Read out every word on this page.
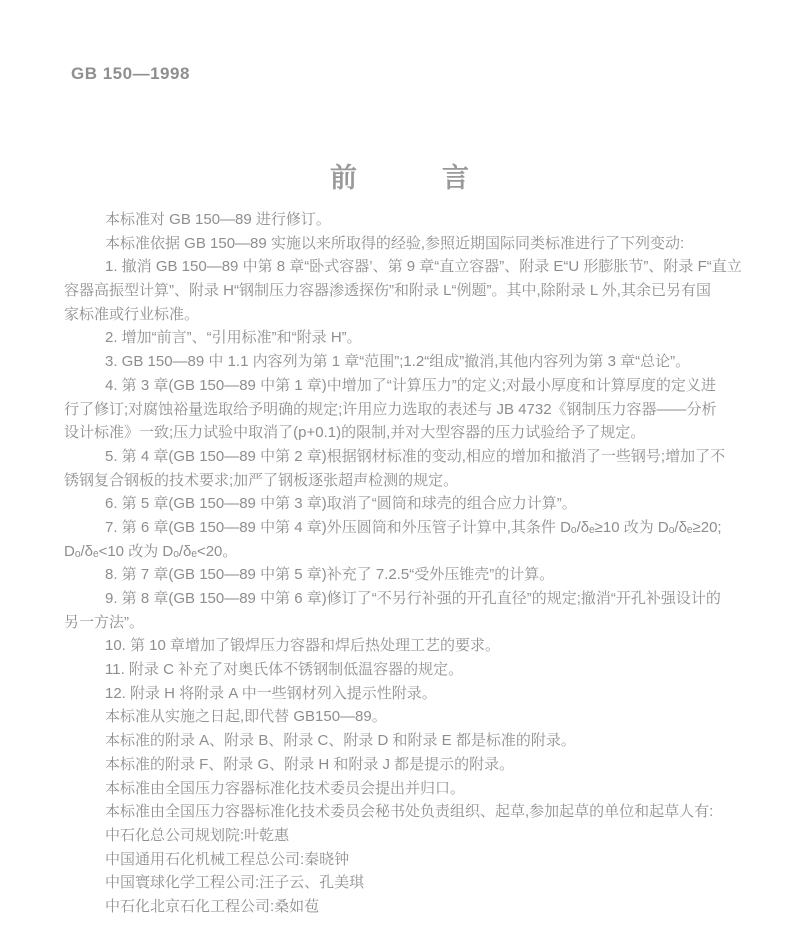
GB 150—1998
前　　　言
本标准对 GB 150—89 进行修订。
本标准依据 GB 150—89 实施以来所取得的经验,参照近期国际同类标准进行了下列变动:
1. 撤消 GB 150—89 中第 8 章“卧式容器’、第 9 章“直立容器”、附录 E“U 形膨胀节”、附录 F“直立
容器高振型计算”、附录 H“钢制压力容器渗透探伤”和附录 L“例题”。其中,除附录 L 外,其余已另有国
家标准或行业标准。
2. 增加“前言”、“引用标准”和“附录 H”。
3. GB 150—89 中 1.1 内容列为第 1 章“范围”;1.2“组成”撤消,其他内容列为第 3 章“总论”。
4. 第 3 章(GB 150—89 中第 1 章)中增加了“计算压力”的定义;对最小厚度和计算厚度的定义进
行了修订;对腐蚀裕量选取给予明确的规定;许用应力选取的表述与 JB 4732《钢制压力容器——分析
设计标准》一致;压力试验中取消了(p+0.1)的限制,并对大型容器的压力试验给予了规定。
5. 第 4 章(GB 150—89 中第 2 章)根据钢材标准的变动,相应的增加和撤消了一些钢号;增加了不
锈钢复合钢板的技术要求;加严了钢板逐张超声检测的规定。
6. 第 5 章(GB 150—89 中第 3 章)取消了“圆筒和球壳的组合应力计算”。
7. 第 6 章(GB 150—89 中第 4 章)外压圆筒和外压管子计算中,其条件 Dₒ/δₑ≥10 改为 Dₒ/δₑ≥20;
Dₒ/δₑ<10 改为 Dₒ/δₑ<20。
8. 第 7 章(GB 150—89 中第 5 章)补充了 7.2.5“受外压锥壳”的计算。
9. 第 8 章(GB 150—89 中第 6 章)修订了“不另行补强的开孔直径”的规定;撤消“开孔补强设计的
另一方法”。
10. 第 10 章增加了锻焊压力容器和焊后热处理工艺的要求。
11. 附录 C 补充了对奥氏体不锈钢制低温容器的规定。
12. 附录 H 将附录 A 中一些钢材列入提示性附录。
本标准从实施之日起,即代替 GB150—89。
本标准的附录 A、附录 B、附录 C、附录 D 和附录 E 都是标准的附录。
本标准的附录 F、附录 G、附录 H 和附录 J 都是提示的附录。
本标准由全国压力容器标准化技术委员会提出并归口。
本标准由全国压力容器标准化技术委员会秘书处负责组织、起草,参加起草的单位和起草人有:
中石化总公司规划院:叶乾惠
中国通用石化机械工程总公司:秦晓钟
中国寰球化学工程公司:汪子云、孔美琪
中石化北京石化工程公司:桑如苞
